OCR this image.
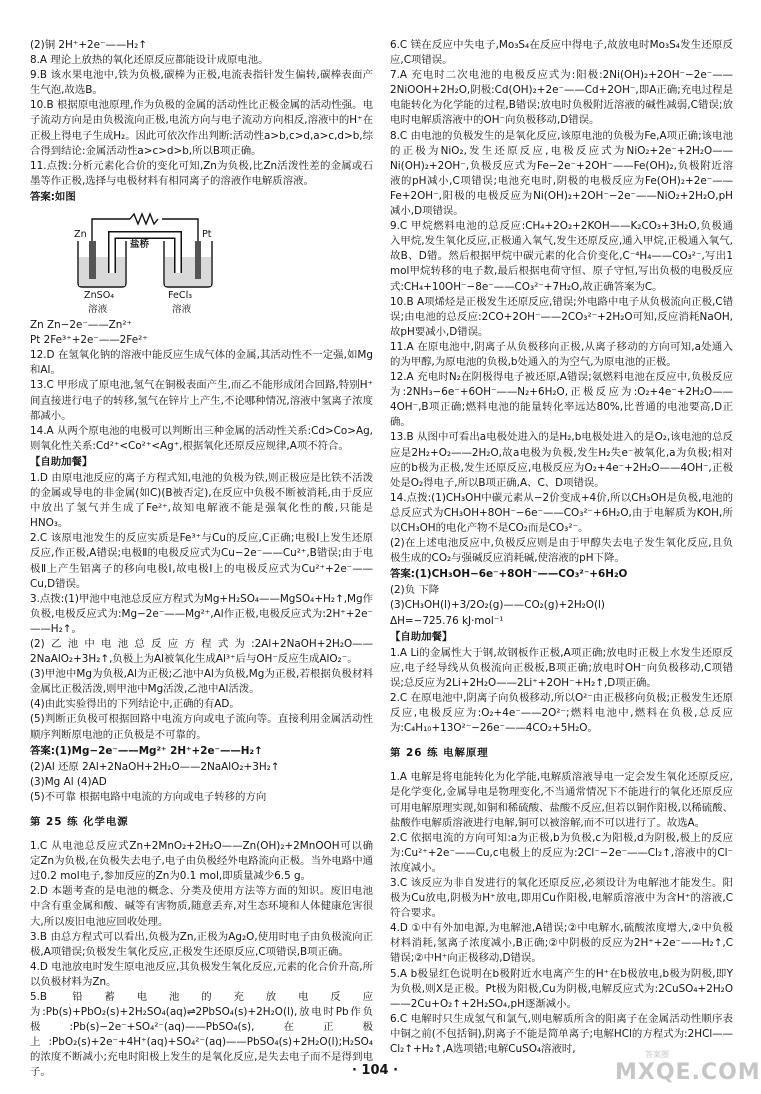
(2)铜 2H⁺+2e⁻——H₂↑

8.A 理论上放热的氧化还原反应都能设计成原电池。

9.B 该水果电池中,铁为负极,碳棒为正极,电流表指针发生偏转,碳棒表面产生气泡,故选B。

10.B 根据原电池原理,作为负极的金属的活动性比正极金属的活动性强。电子流动方向是由负极流向正极,电流方向与电子流动方向相反,溶液中的H⁺在正极上得电子生成H₂。因此可依次作出判断:活动性a>b,c>d,a>c,d>b,综合得到结论:金属活动性a>c>d>b,所以B项正确。

11.点拨:分析元素化合价的变化可知,Zn为负极,比Zn活泼性差的金属或石墨等作正极,选择与电极材料有相同离子的溶液作电解质溶液。

答案:如图

Zn	Pt
盐桥
ZnSO₄	FeCl₃
溶液	溶液

Zn Zn−2e⁻——Zn²⁺

Pt 2Fe³⁺+2e⁻——2Fe²⁺

12.D 在氢氧化钠的溶液中能反应生成气体的金属,其活动性不一定强,如Mg和Al。

13.C 甲形成了原电池,氢气在铜极表面产生,而乙不能形成闭合回路,特别H⁺间直接进行电子的转移,氢气在锌片上产生,不论哪种情况,溶液中氢离子浓度都减小。

14.A 从两个原电池的电极可以判断出三种金属的活动性关系:Cd>Co>Ag,则氧化性关系:Cd²⁺<Co²⁺<Ag⁺,根据氧化还原反应规律,A项不符合。

【自助加餐】

1.D 由原电池反应的离子方程式知,电池的负极为铁,则正极应是比铁不活泼的金属或导电的非金属(如C)(B被否定),在反应中负极不断被消耗,由于反应中放出了氢气并生成了Fe²⁺,故知电解液不能是强氧化性的酸,只能是HNO₃。

2.C 该原电池发生的反应实质是Fe³⁺与Cu的反应,C正确;电极Ⅰ上发生还原反应,作正极,A错误;电极Ⅱ的电极反应式为Cu−2e⁻——Cu²⁺,B错误;由于电极Ⅱ上产生铝离子的移向电极Ⅰ,故电极Ⅰ上的电极反应式为Cu²⁺+2e⁻——Cu,D错误。

3.点拨:(1)甲池中电池总反应方程式为Mg+H₂SO₄——MgSO₄+H₂↑,Mg作负极,电极反应式为:Mg−2e⁻——Mg²⁺,Al作正极,电极反应式为:2H⁺+2e⁻——H₂↑。

(2)乙池中电池总反应方程式为:2Al+2NaOH+2H₂O——2NaAlO₂+3H₂↑,负极上为Al被氧化生成Al³⁺后与OH⁻反应生成AlO₂⁻。

(3)甲池中Mg为负极,Al为正极;乙池中Al为负极,Mg为正极,若根据负极材料金属比正极活泼,则甲池中Mg活泼,乙池中Al活泼。

(4)由此实验得出的下列结论中,正确的有AD。

(5)判断正负极可根据回路中电流方向或电子流向等。直接利用金属活动性顺序判断原电池的正负极是不可靠的。

答案:(1)Mg−2e⁻——Mg²⁺ 2H⁺+2e⁻——H₂↑

(2)Al 还原 2Al+2NaOH+2H₂O——2NaAlO₂+3H₂↑

(3)Mg Al (4)AD

(5)不可靠 根据电路中电流的方向或电子转移的方向

第 25 练 化学电源

1.C 从电池总反应式Zn+2MnO₂+2H₂O——Zn(OH)₂+2MnOOH可以确定Zn为负极,在负极失去电子,电子由负极经外电路流向正极。当外电路中通过0.2 mol电子,参加反应的Zn为0.1 mol,即质量减少6.5 g。

2.D 本题考查的是电池的概念、分类及使用方法等方面的知识。废旧电池中含有重金属和酸、碱等有害物质,随意丢弃,对生态环境和人体健康危害很大,所以废旧电池应回收处理。

3.B 由总方程式可以看出,负极为Zn,正极为Ag₂O,使用时电子由负极流向正极,A项错误;负极发生氧化反应,正极发生还原反应,C项错误,B项正确。

4.D 电池放电时发生原电池反应,其负极发生氧化反应,元素的化合价升高,所以负极材料为Zn。

5.B 铅蓄电池的充放电反应为:Pb(s)+PbO₂(s)+2H₂SO₄(aq)⇌2PbSO₄(s)+2H₂O(l),放电时Pb作负极:Pb(s)−2e⁻+SO₄²⁻(aq)——PbSO₄(s),在正极上:PbO₂(s)+2e⁻+4H⁺(aq)+SO₄²⁻(aq)——PbSO₄(s)+2H₂O(l);H₂SO₄的浓度不断减小;充电时阳极上发生的是氧化反应,是失去电子而不是得到电子。

6.C 镁在反应中失电子,Mo₃S₄在反应中得电子,故放电时Mo₃S₄发生还原反应,C项错误。

7.A 充电时二次电池的电极反应式为:阳极:2Ni(OH)₂+2OH⁻−2e⁻——2NiOOH+2H₂O,阴极:Cd(OH)₂+2e⁻——Cd+2OH⁻,即A正确;充电过程是电能转化为化学能的过程,B错误;放电时负极附近溶液的碱性减弱,C错误;放电时电解质溶液中的OH⁻向负极移动,D错误。

8.C 由电池的负极发生的是氧化反应,该原电池的负极为Fe,A项正确;该电池的正极为NiO₂,发生还原反应,电极反应式为NiO₂+2e⁻+2H₂O——Ni(OH)₂+2OH⁻,负极反应式为Fe−2e⁻+2OH⁻——Fe(OH)₂,负极附近溶液的pH减小,C项错误;电池充电时,阴极的电极反应为Fe(OH)₂+2e⁻——Fe+2OH⁻,阳极的电极反应为Ni(OH)₂+2OH⁻−2e⁻——NiO₂+2H₂O,pH减小,D项错误。

9.C 甲烷燃料电池的总反应:CH₄+2O₂+2KOH——K₂CO₃+3H₂O,负极通入甲烷,发生氧化反应,正极通入氧气,发生还原反应,通入甲烷,正极通入氧气,故B、D错。然后根据甲烷中碳元素的化合价变化,C⁻⁴H₄——CO₃²⁻,写出1 mol甲烷转移的电子数,最后根据电荷守恒、原子守恒,写出负极的电极反应式:CH₄+10OH⁻−8e⁻——CO₃²⁻+7H₂O,故正确答案为C。

10.B A项烯烃是正极发生还原反应,错误;外电路中电子从负极流向正极,C错误;由电池的总反应:2CO+2OH⁻——2CO₃²⁻+2H₂O可知,反应消耗NaOH,故pH要减小,D错误。

11.A 在原电池中,阴离子从负极移向正极,从离子移动的方向可知,a处通入的为甲醇,为原电池的负极,b处通入的为空气,为原电池的正极。

12.A 充电时N₂在阴极得电子被还原,A错误;氨燃料电池在反应中,负极反应为:2NH₃−6e⁻+6OH⁻——N₂+6H₂O,正极反应为:O₂+4e⁻+2H₂O——4OH⁻,B项正确;燃料电池的能量转化率远达80%,比普通的电池要高,D正确。

13.B 从图中可看出a电极处进入的是H₂,b电极处进入的是O₂,该电池的总反应是2H₂+O₂——2H₂O,故a电极为负极,发生H₂失e⁻被氧化,a为负极;相对应的b极为正极,发生还原反应,电极反应为O₂+4e⁻+2H₂O——4OH⁻,正极处是O₂得电子,所以B项正确,A、C、D项错误。

14.点拨:(1)CH₃OH中碳元素从−2价变成+4价,所以CH₃OH是负极,电池的总反应式为CH₃OH+8OH⁻−6e⁻——CO₃²⁻+6H₂O,由于电解质为KOH,所以CH₃OH的电化产物不是CO₂而是CO₃²⁻。

(2)在上述电池反应中,负极反应则是由于甲醇失去电子发生氧化反应,且负极生成的CO₂与强碱反应消耗碱,使溶液的pH下降。

答案:(1)CH₃OH−6e⁻+8OH⁻——CO₃²⁻+6H₂O

(2)负 下降

(3)CH₃OH(l)+3/2O₂(g)——CO₂(g)+2H₂O(l)

ΔH=−725.76 kJ·mol⁻¹

【自助加餐】

1.A Li的金属性大于钢,故钢板作正极,A项正确;放电时正极上水发生还原反应,电子经导线从负极流向正极板,B项正确;放电时OH⁻向负极移动,C项错误;总反应为2Li+2H₂O——2Li⁺+2OH⁻+H₂↑,D项正确。

2.C 在原电池中,阴离子向负极移动,所以O²⁻由正极移向负极;正极发生还原反应,电极反应为:O₂+4e⁻——2O²⁻;燃料电池中,燃料在负极,总反应为:C₄H₁₀+13O²⁻−26e⁻——4CO₂+5H₂O。

第 26 练 电解原理

1.A 电解是将电能转化为化学能,电解质溶液导电一定会发生氧化还原反应,是化学变化,金属导电是物理变化,不当通常情况下不能进行的氧化还原反应可用电解原理实现,如铜和稀硫酸、盐酸不反应,但若以铜作阳极,以稀硫酸、盐酸作电解质溶液进行电解,铜可以被溶解,而不可以进行了。故选A。

2.C 依据电流的方向可知:a为正极,b为负极,c为阳极,d为阴极,极上的反应为:Cu²⁺+2e⁻——Cu,c电极上的反应为:2Cl⁻−2e⁻——Cl₂↑,溶液中的Cl⁻浓度减小。

3.C 该反应为非自发进行的氧化还原反应,必须设计为电解池才能发生。阳极为Cu放电,阴极为H⁺放电,即用Cu作阳极,电解质溶液中为含H⁺的溶液,C符合要求。

4.D ①中有外加电源,为电解池,A错误;②中电解水,硫酸浓度增大,②中负极材料消耗,氢离子浓度减小,B正确;②中阴极的反应为2H⁺+2e⁻——H₂↑,C错误;②中H⁺向正极移动,D错误。

5.A b极显红色说明在b极附近水电离产生的H⁺在b极放电,b极为阴极,即Y为负极,则X是正极。Pt极为阳极,Cu为阴极,电解反应式为:2CuSO₄+2H₂O——2Cu+O₂↑+2H₂SO₄,pH逐渐减小。

6.C 电解时只生成氢气和氯气,则电解质所含的阳离子在金属活动性顺序表中铜之前(不包括铜),阴离子不能是简单离子;电解HCl的方程式为:2HCl——Cl₂↑+H₂↑,A选项错;电解CuSO₄溶液时,

· 104 ·
答案圈
MXQE.COM
